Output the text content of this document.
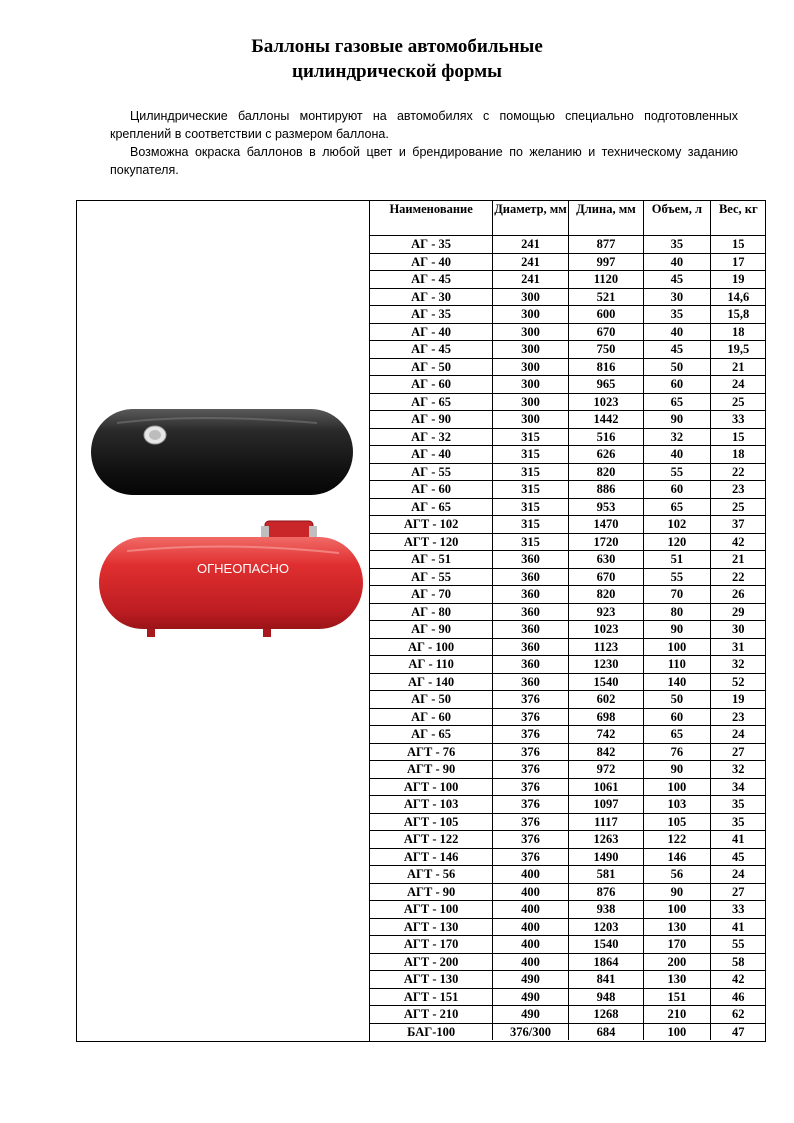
Баллоны газовые автомобильные
цилиндрической формы

Цилиндрические баллоны монтируют на автомобилях с помощью специально подготовленных креплений в соответствии с размером баллона.

Возможна окраска баллонов в любой цвет и брендирование по желанию и техническому заданию покупателя.

ОГНЕОПАСНО
Наименование	Диаметр, мм	Длина, мм	Объем, л	Вес, кг
АГ - 35	241	877	35	15
АГ - 40	241	997	40	17
АГ - 45	241	1120	45	19
АГ - 30	300	521	30	14,6
АГ - 35	300	600	35	15,8
АГ - 40	300	670	40	18
АГ - 45	300	750	45	19,5
АГ - 50	300	816	50	21
АГ - 60	300	965	60	24
АГ - 65	300	1023	65	25
АГ - 90	300	1442	90	33
АГ - 32	315	516	32	15
АГ - 40	315	626	40	18
АГ - 55	315	820	55	22
АГ - 60	315	886	60	23
АГ - 65	315	953	65	25
АГТ - 102	315	1470	102	37
АГТ - 120	315	1720	120	42
АГ - 51	360	630	51	21
АГ - 55	360	670	55	22
АГ - 70	360	820	70	26
АГ - 80	360	923	80	29
АГ - 90	360	1023	90	30
АГ - 100	360	1123	100	31
АГ - 110	360	1230	110	32
АГ - 140	360	1540	140	52
АГ - 50	376	602	50	19
АГ - 60	376	698	60	23
АГ - 65	376	742	65	24
АГТ - 76	376	842	76	27
АГТ - 90	376	972	90	32
АГТ - 100	376	1061	100	34
АГТ - 103	376	1097	103	35
АГТ - 105	376	1117	105	35
АГТ - 122	376	1263	122	41
АГТ - 146	376	1490	146	45
АГТ - 56	400	581	56	24
АГТ - 90	400	876	90	27
АГТ - 100	400	938	100	33
АГТ - 130	400	1203	130	41
АГТ - 170	400	1540	170	55
АГТ - 200	400	1864	200	58
АГТ - 130	490	841	130	42
АГТ - 151	490	948	151	46
АГТ - 210	490	1268	210	62
БАГ-100	376/300	684	100	47
